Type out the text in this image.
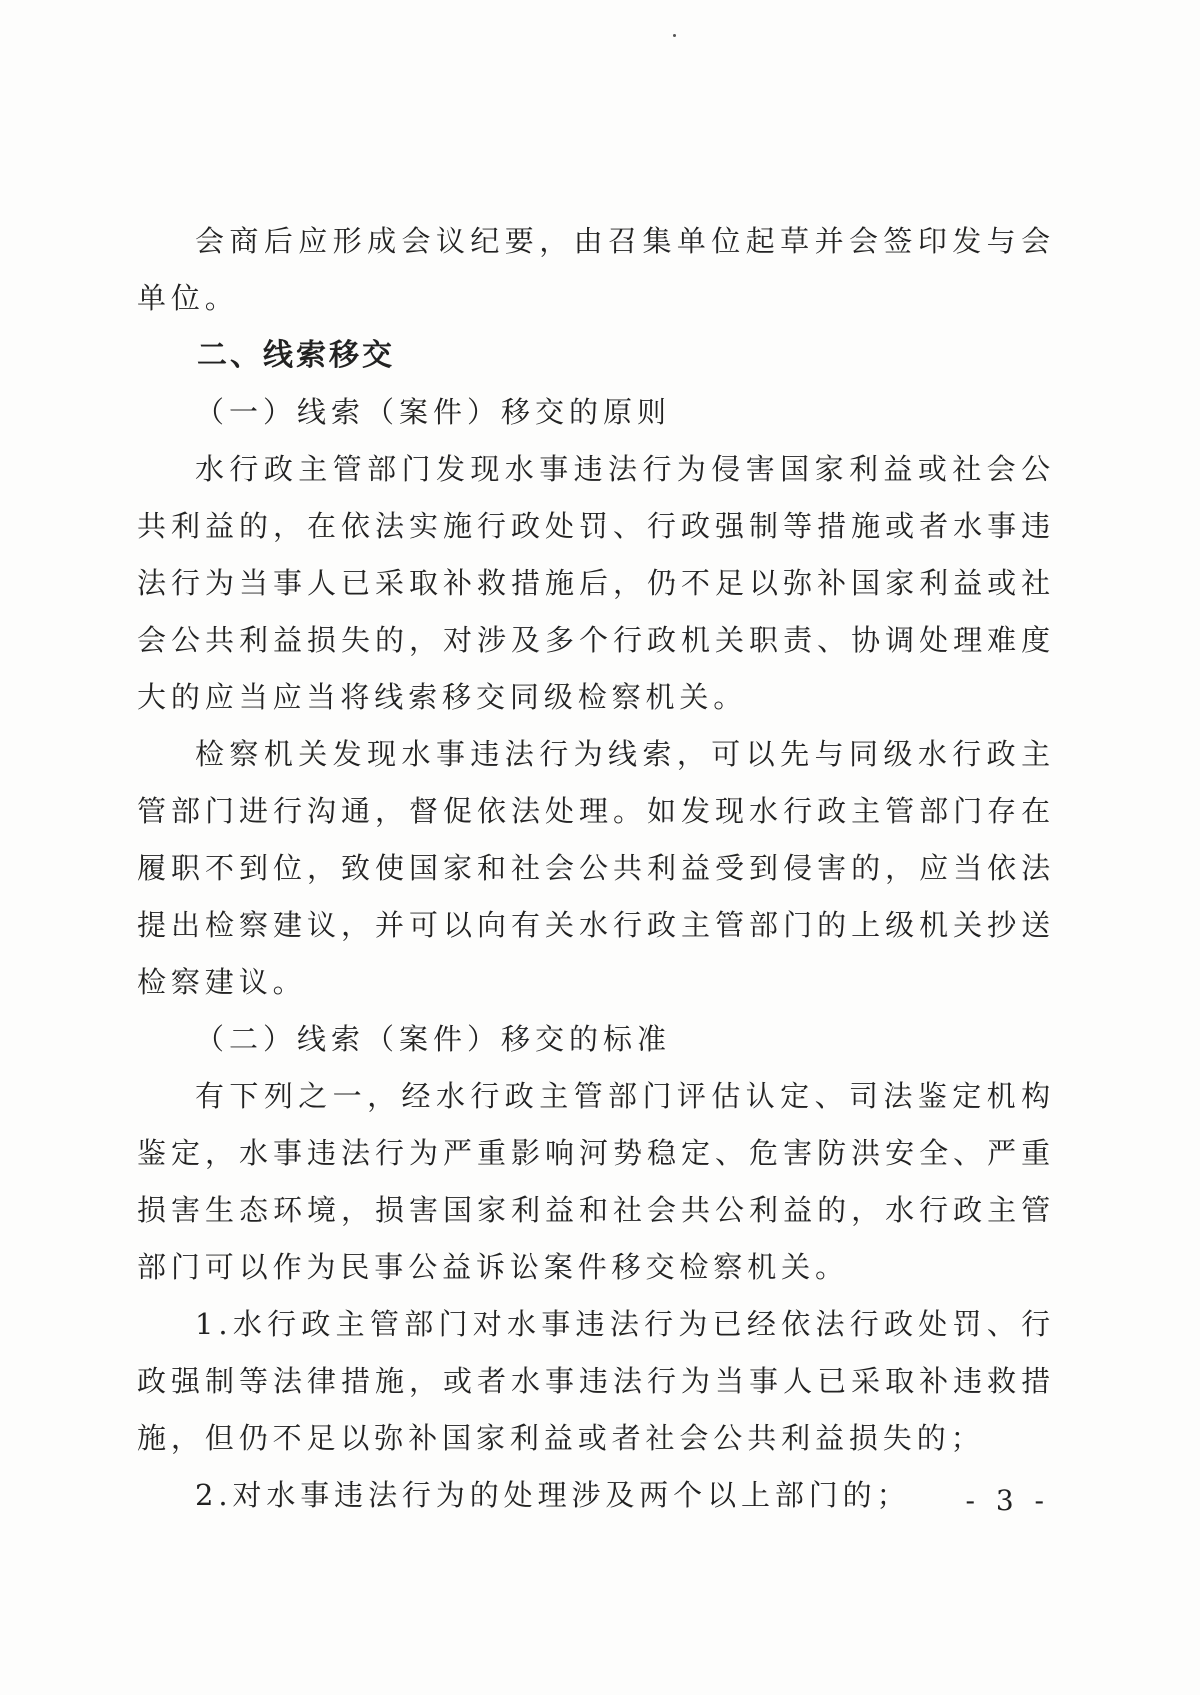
会商后应形成会议纪要，由召集单位起草并会签印发与会单位。

二、线索移交

（一）线索（案件）移交的原则

水行政主管部门发现水事违法行为侵害国家利益或社会公共利益的，在依法实施行政处罚、行政强制等措施或者水事违法行为当事人已采取补救措施后，仍不足以弥补国家利益或社会公共利益损失的，对涉及多个行政机关职责、协调处理难度大的应当应当将线索移交同级检察机关。

检察机关发现水事违法行为线索，可以先与同级水行政主管部门进行沟通，督促依法处理。如发现水行政主管部门存在履职不到位，致使国家和社会公共利益受到侵害的，应当依法提出检察建议，并可以向有关水行政主管部门的上级机关抄送检察建议。

（二）线索（案件）移交的标准

有下列之一，经水行政主管部门评估认定、司法鉴定机构鉴定，水事违法行为严重影响河势稳定、危害防洪安全、严重损害生态环境，损害国家利益和社会共公利益的，水行政主管部门可以作为民事公益诉讼案件移交检察机关。

1.水行政主管部门对水事违法行为已经依法行政处罚、行政强制等法律措施，或者水事违法行为当事人已采取补违救措施，但仍不足以弥补国家利益或者社会公共利益损失的；

2.对水事违法行为的处理涉及两个以上部门的；	- 3 -
